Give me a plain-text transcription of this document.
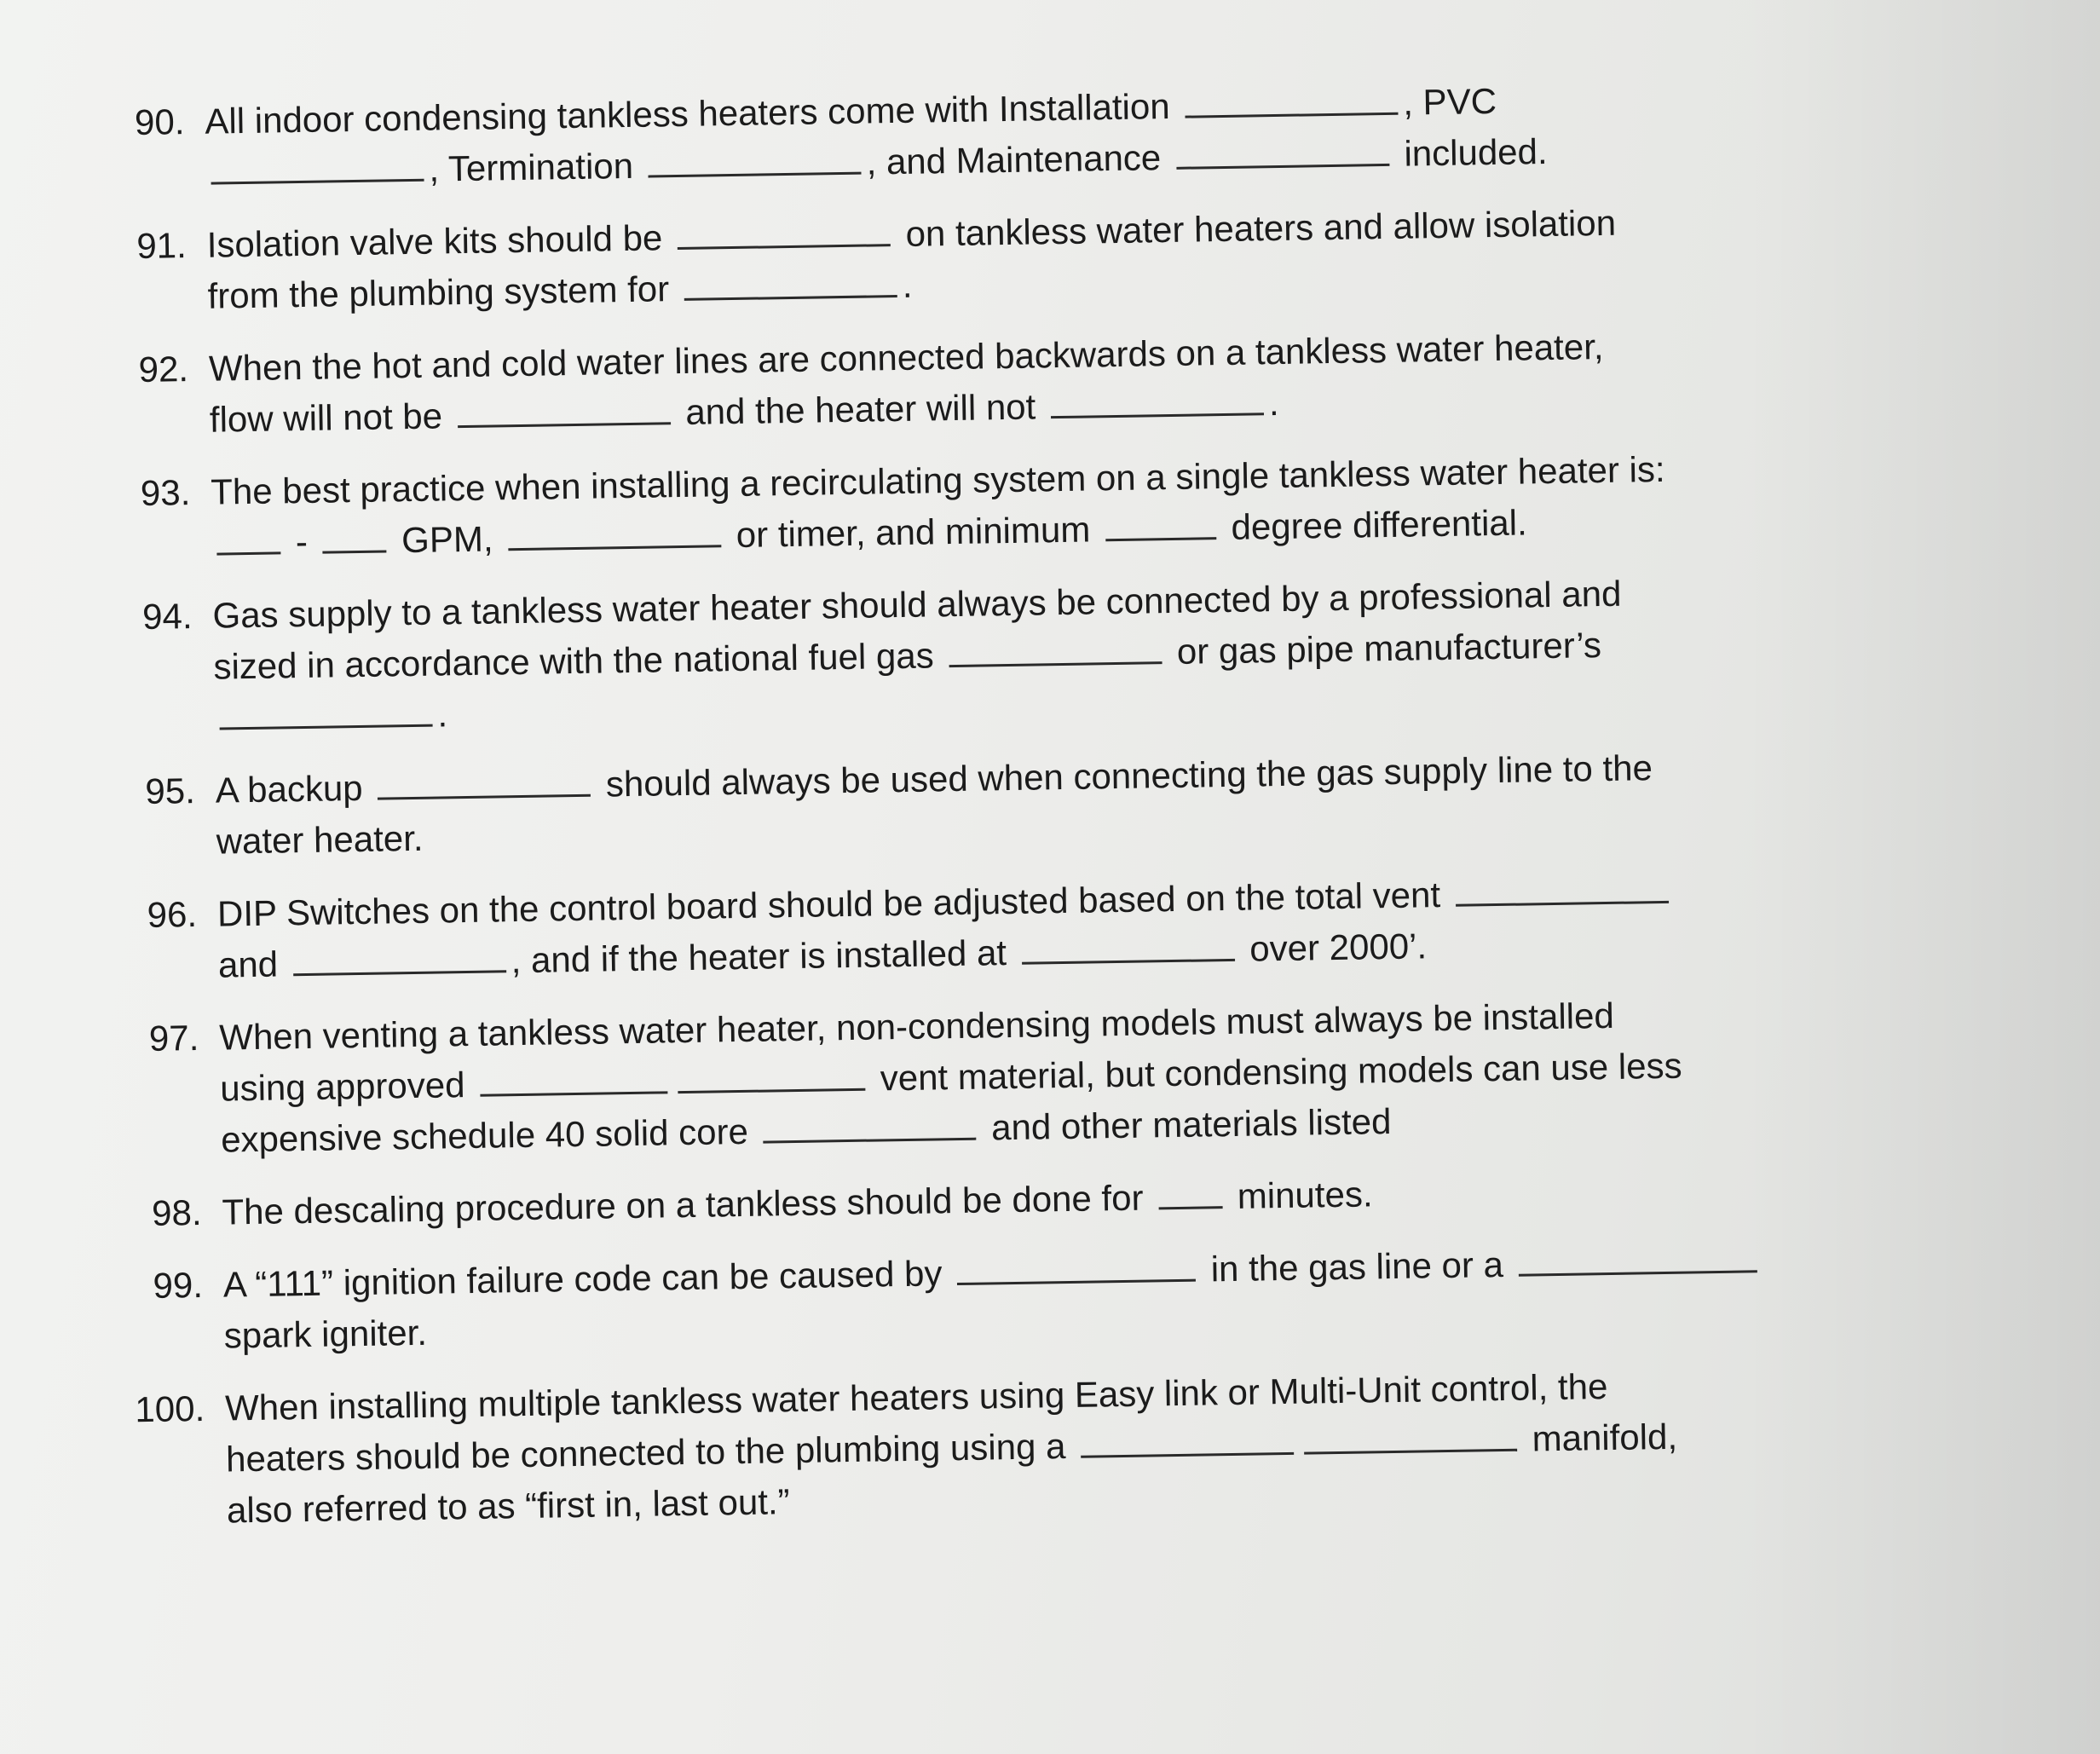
90. All indoor condensing tankless heaters come with Installation	, PVC
, Termination	, and Maintenance	included.
91. Isolation valve kits should be	on tankless water heaters and allow isolation
from the plumbing system for	.
92. When the hot and cold water lines are connected backwards on a tankless water heater,
flow will not be	and the heater will not	.
93. The best practice when installing a recirculating system on a single tankless water heater is:
-  GPM,	or timer, and minimum	degree differential.
94. Gas supply to a tankless water heater should always be connected by a professional and
sized in accordance with the national fuel gas	or gas pipe manufacturer’s
.
95. A backup	should always be used when connecting the gas supply line to the
water heater.
96. DIP Switches on the control board should be adjusted based on the total vent
and	, and if the heater is installed at	over 2000’.
97. When venting a tankless water heater, non-condensing models must always be installed
using approved	vent material, but condensing models can use less
expensive schedule 40 solid core	and other materials listed
98. The descaling procedure on a tankless should be done for  minutes.
99. A “111” ignition failure code can be caused by	in the gas line or a
spark igniter.
100. When installing multiple tankless water heaters using Easy link or Multi-Unit control, the
heaters should be connected to the plumbing using a	manifold,
also referred to as “first in, last out.”
